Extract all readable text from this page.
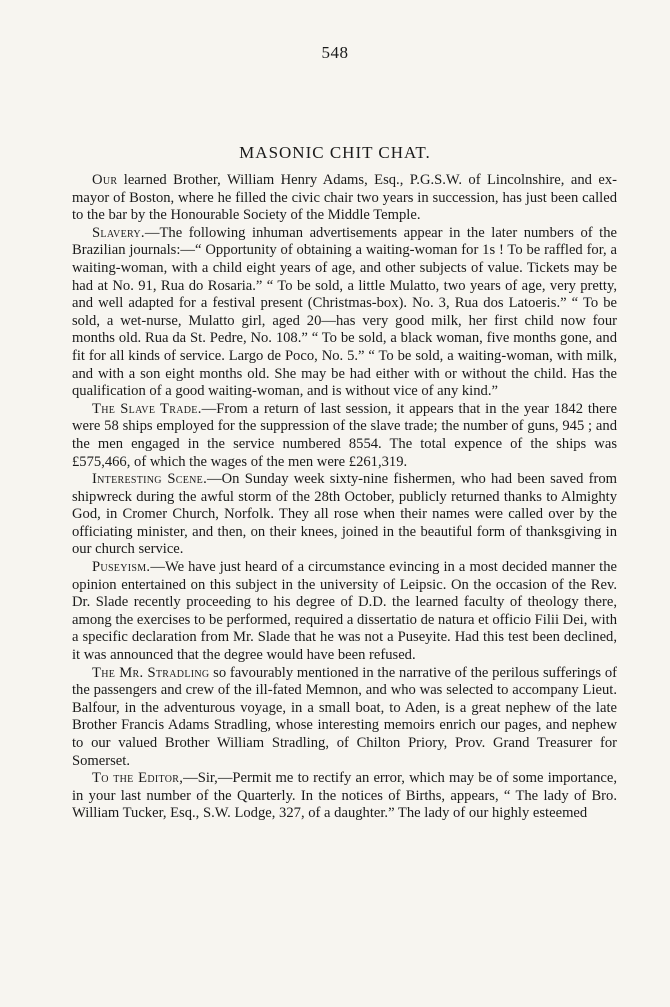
548
MASONIC CHIT CHAT.

Our learned Brother, William Henry Adams, Esq., P.G.S.W. of Lincolnshire, and ex-mayor of Boston, where he filled the civic chair two years in succession, has just been called to the bar by the Honourable Society of the Middle Temple.

Slavery.—The following inhuman advertisements appear in the later numbers of the Brazilian journals:—“ Opportunity of obtaining a waiting-woman for 1s ! To be raffled for, a waiting-woman, with a child eight years of age, and other subjects of value. Tickets may be had at No. 91, Rua do Rosaria.” “ To be sold, a little Mulatto, two years of age, very pretty, and well adapted for a festival present (Christmas-box). No. 3, Rua dos Latoeris.” “ To be sold, a wet-nurse, Mulatto girl, aged 20—has very good milk, her first child now four months old. Rua da St. Pedre, No. 108.” “ To be sold, a black woman, five months gone, and fit for all kinds of service. Largo de Poco, No. 5.” “ To be sold, a waiting-woman, with milk, and with a son eight months old. She may be had either with or without the child. Has the qualification of a good waiting-woman, and is without vice of any kind.”

The Slave Trade.—From a return of last session, it appears that in the year 1842 there were 58 ships employed for the suppression of the slave trade; the number of guns, 945 ; and the men engaged in the service numbered 8554. The total expence of the ships was £575,466, of which the wages of the men were £261,319.

Interesting Scene.—On Sunday week sixty-nine fishermen, who had been saved from shipwreck during the awful storm of the 28th October, publicly returned thanks to Almighty God, in Cromer Church, Norfolk. They all rose when their names were called over by the officiating minister, and then, on their knees, joined in the beautiful form of thanksgiving in our church service.

Puseyism.—We have just heard of a circumstance evincing in a most decided manner the opinion entertained on this subject in the university of Leipsic. On the occasion of the Rev. Dr. Slade recently proceeding to his degree of D.D. the learned faculty of theology there, among the exercises to be performed, required a dissertatio de natura et officio Filii Dei, with a specific declaration from Mr. Slade that he was not a Puseyite. Had this test been declined, it was announced that the degree would have been refused.

The Mr. Stradling so favourably mentioned in the narrative of the perilous sufferings of the passengers and crew of the ill-fated Memnon, and who was selected to accompany Lieut. Balfour, in the adventurous voyage, in a small boat, to Aden, is a great nephew of the late Brother Francis Adams Stradling, whose interesting memoirs enrich our pages, and nephew to our valued Brother William Stradling, of Chilton Priory, Prov. Grand Treasurer for Somerset.

To the Editor,—Sir,—Permit me to rectify an error, which may be of some importance, in your last number of the Quarterly. In the notices of Births, appears, “ The lady of Bro. William Tucker, Esq., S.W. Lodge, 327, of a daughter.” The lady of our highly esteemed
